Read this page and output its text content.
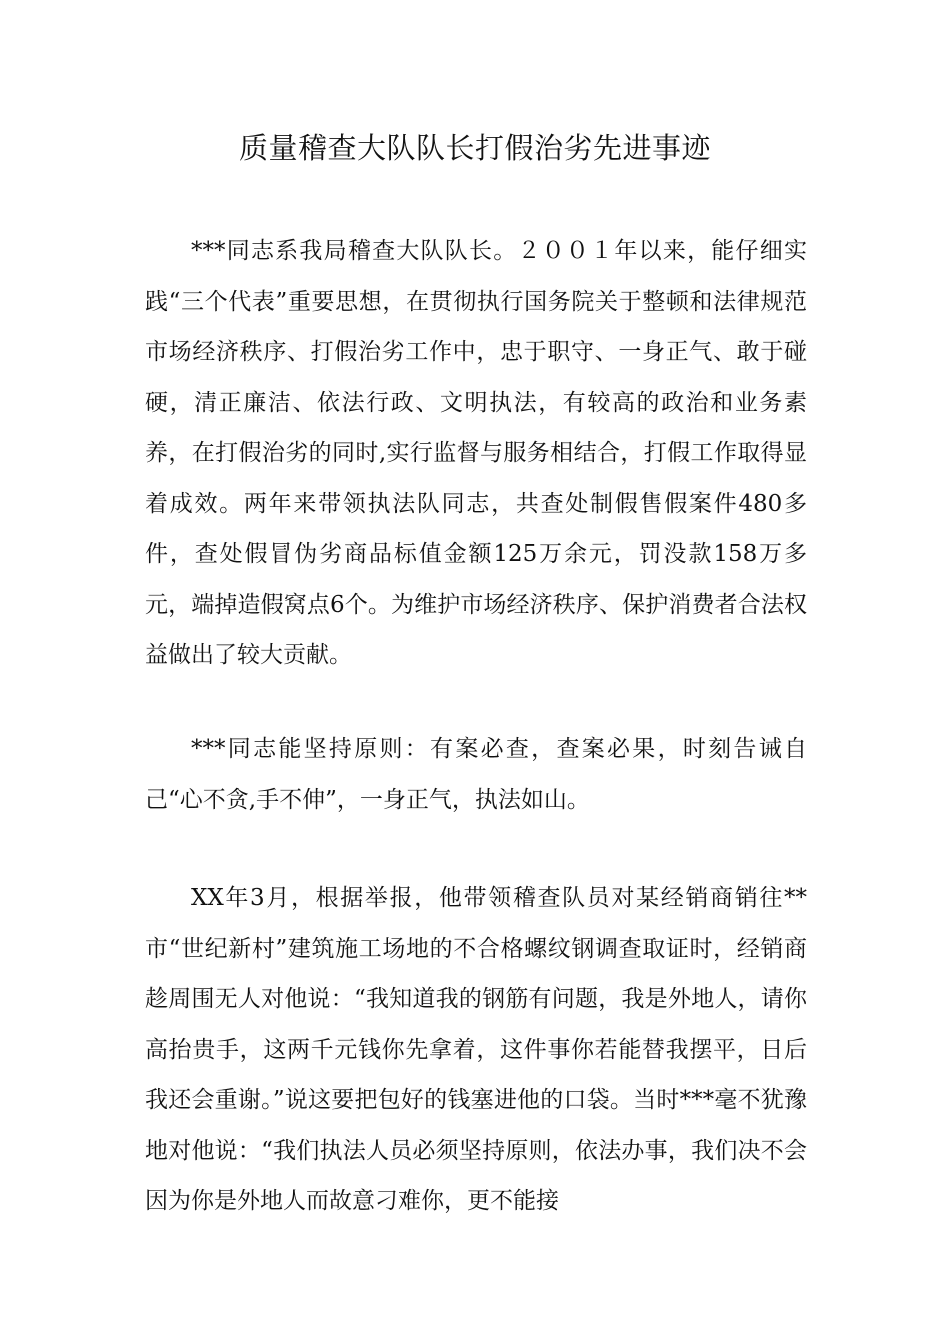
质量稽查大队队长打假治劣先进事迹

***同志系我局稽查大队队长。２００１年以来，能仔细实践“三个代表”重要思想，在贯彻执行国务院关于整顿和法律规范市场经济秩序、打假治劣工作中，忠于职守、一身正气、敢于碰硬，清正廉洁、依法行政、文明执法，有较高的政治和业务素养，在打假治劣的同时,实行监督与服务相结合，打假工作取得显着成效。两年来带领执法队同志，共查处制假售假案件480多件，查处假冒伪劣商品标值金额125万余元，罚没款158万多元，端掉造假窝点6个。为维护市场经济秩序、保护消费者合法权益做出了较大贡献。

***同志能坚持原则：有案必查，查案必果，时刻告诫自己“心不贪,手不伸”，一身正气，执法如山。

XX年3月，根据举报，他带领稽查队员对某经销商销往**市“世纪新村”建筑施工场地的不合格螺纹钢调查取证时，经销商趁周围无人对他说：“我知道我的钢筋有问题，我是外地人，请你高抬贵手，这两千元钱你先拿着，这件事你若能替我摆平，日后我还会重谢。”说这要把包好的钱塞进他的口袋。当时***毫不犹豫地对他说：“我们执法人员必须坚持原则，依法办事，我们决不会因为你是外地人而故意刁难你，更不能接
